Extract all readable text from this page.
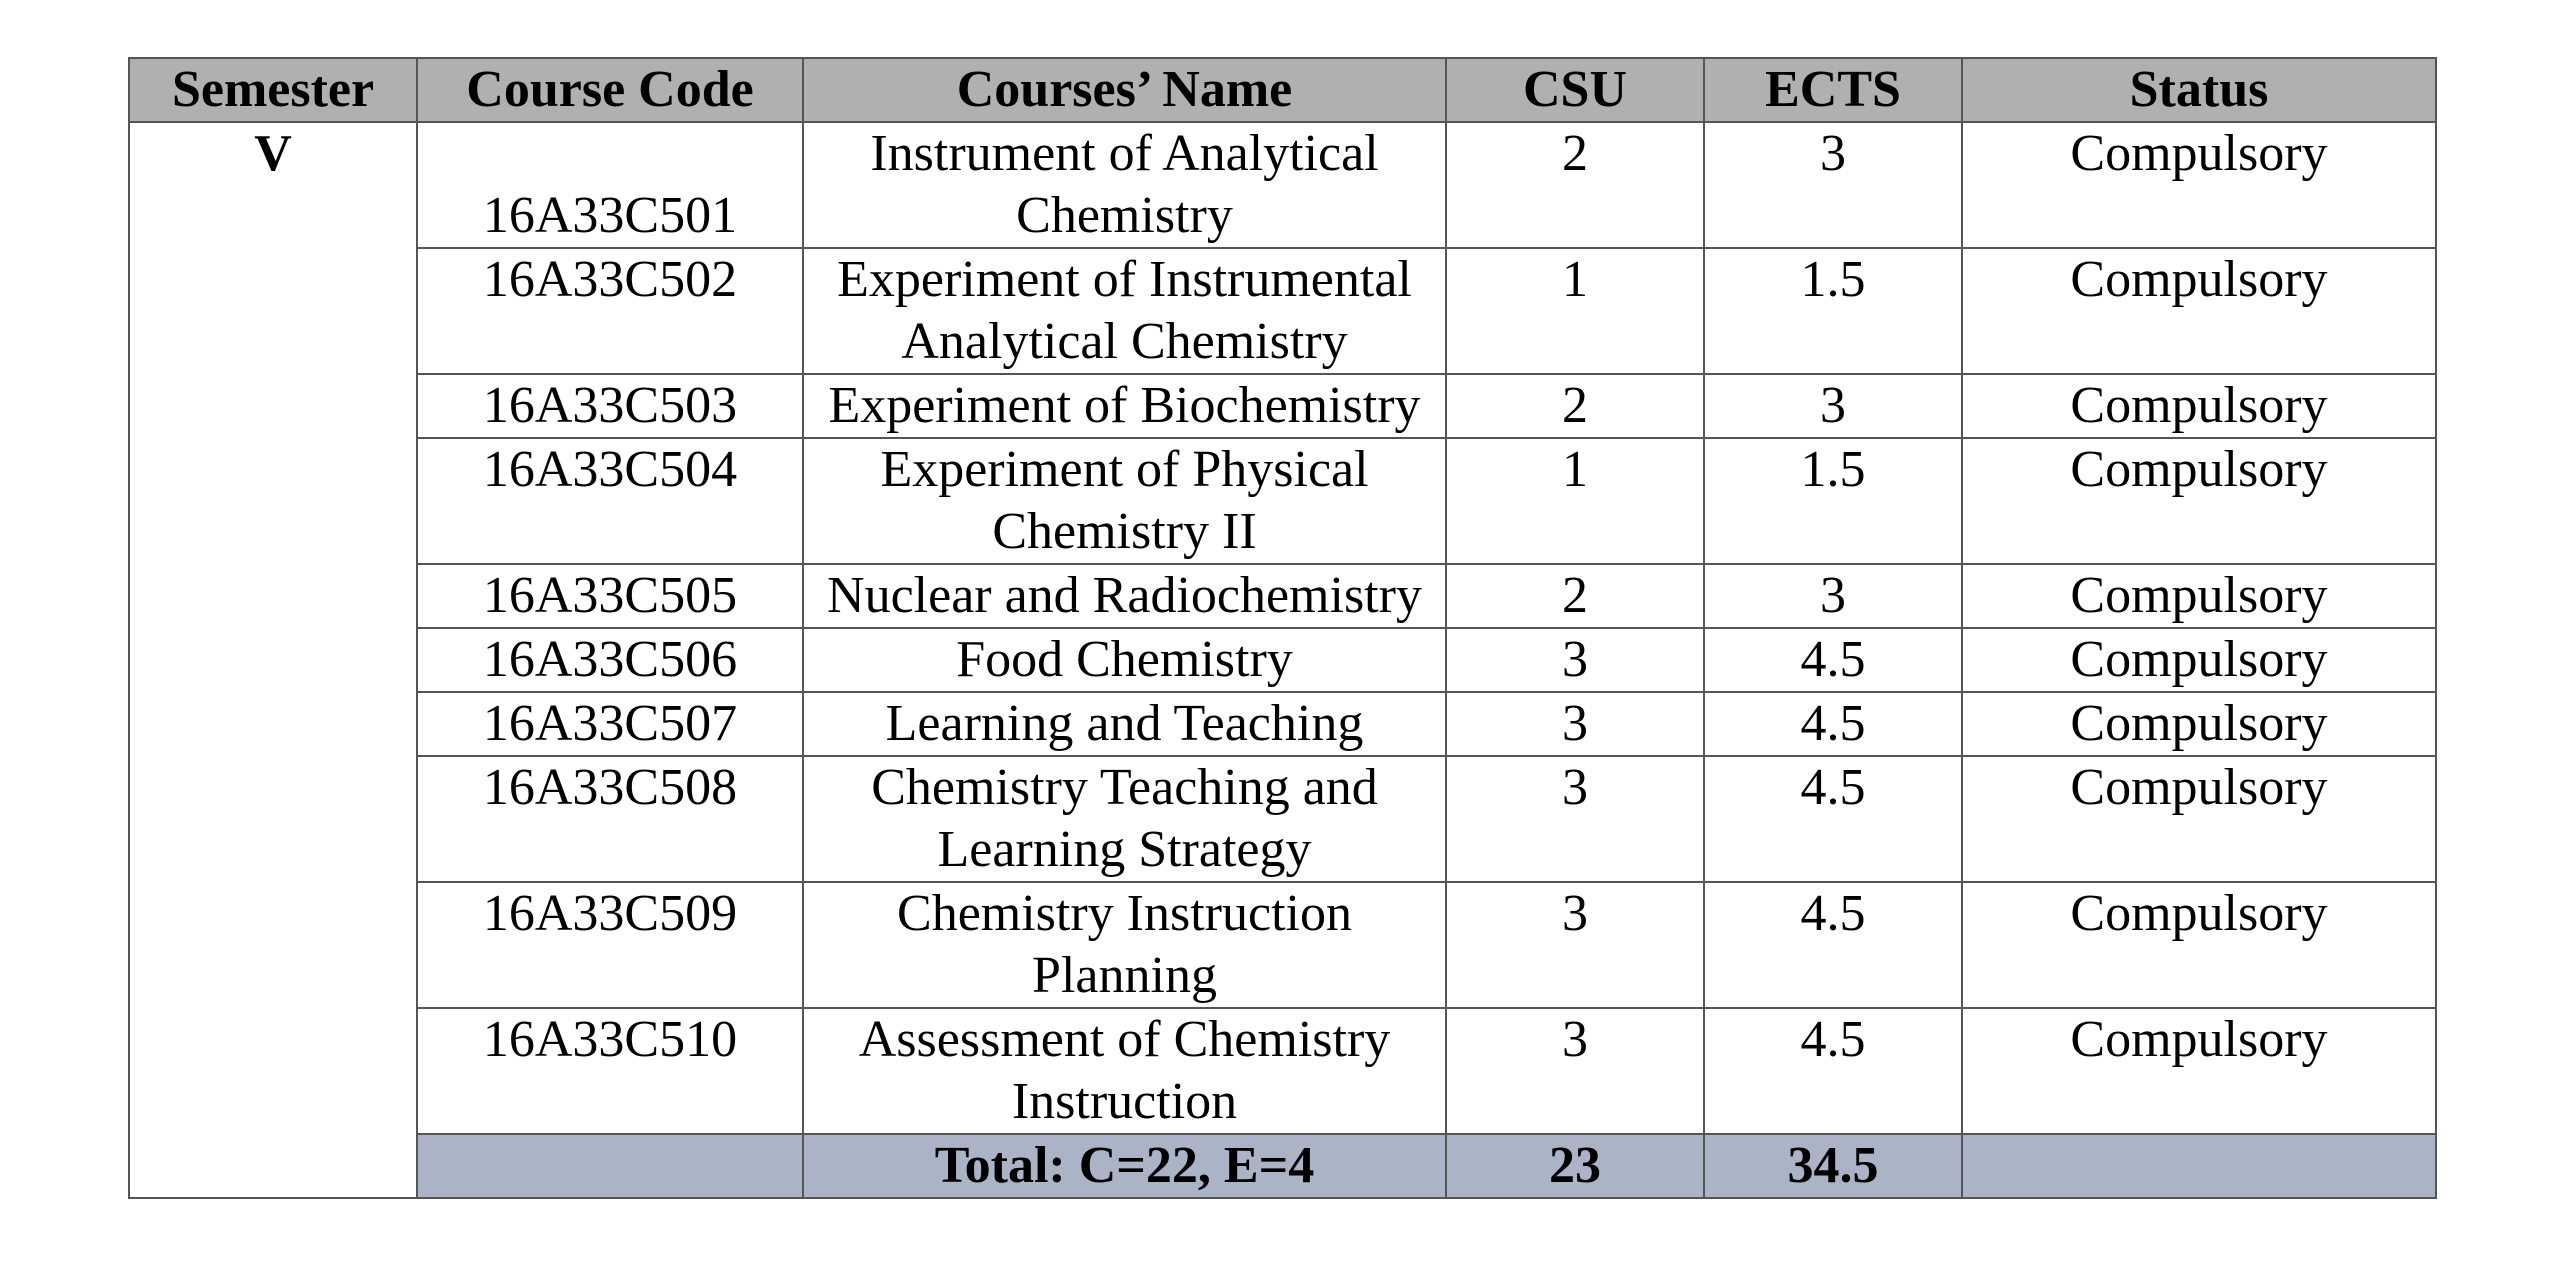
Semester	Course Code	Courses’ Name	CSU	ECTS	Status
V	16A33C501	Instrument of Analytical Chemistry	2	3	Compulsory
	16A33C502	Experiment of Instrumental Analytical Chemistry	1	1.5	Compulsory
	16A33C503	Experiment of Biochemistry	2	3	Compulsory
	16A33C504	Experiment of Physical Chemistry II	1	1.5	Compulsory
	16A33C505	Nuclear and Radiochemistry	2	3	Compulsory
	16A33C506	Food Chemistry	3	4.5	Compulsory
	16A33C507	Learning and Teaching	3	4.5	Compulsory
	16A33C508	Chemistry Teaching and Learning Strategy	3	4.5	Compulsory
	16A33C509	Chemistry Instruction Planning	3	4.5	Compulsory
	16A33C510	Assessment of Chemistry Instruction	3	4.5	Compulsory
		Total: C=22, E=4	23	34.5	
